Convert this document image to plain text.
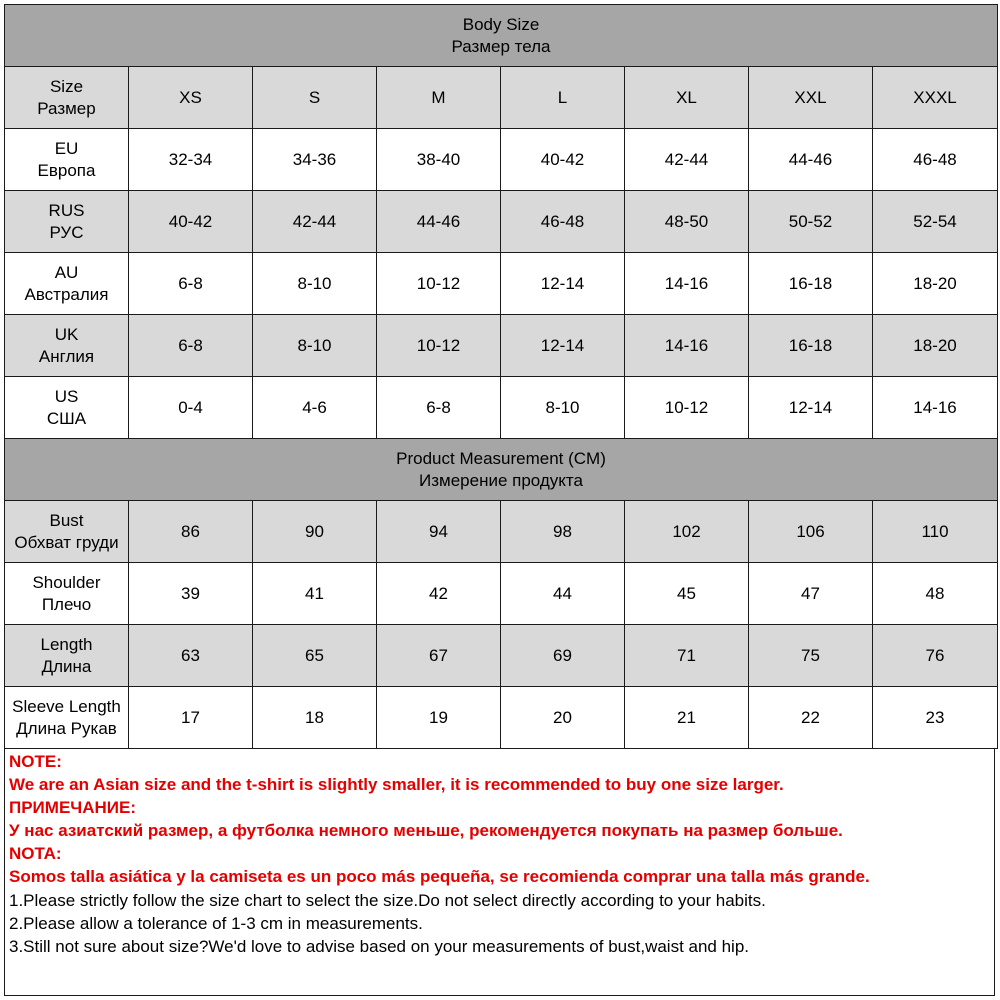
Body Size
Размер тела							

Size
Размер	XS	S	M	L	XL	XXL	XXXL

EU
Европа	32-34	34-36	38-40	40-42	42-44	44-46	46-48

RUS
РУС	40-42	42-44	44-46	46-48	48-50	50-52	52-54

AU
Австралия	6-8	8-10	10-12	12-14	14-16	16-18	18-20

UK
Англия	6-8	8-10	10-12	12-14	14-16	16-18	18-20

US
США	0-4	4-6	6-8	8-10	10-12	12-14	14-16

Product Measurement (CM)
Измерение продукта							

Bust
Обхват груди	86	90	94	98	102	106	110

Shoulder
Плечо	39	41	42	44	45	47	48

Length
Длина	63	65	67	69	71	75	76

Sleeve Length
Длина Рукав	17	18	19	20	21	22	23
NOTE:
We are an Asian size and the t-shirt is slightly smaller, it is recommended to buy one size larger.
ПРИМЕЧАНИЕ:
У нас азиатский размер, а футболка немного меньше, рекомендуется покупать на размер больше.
NOTA:
Somos talla asiática y la camiseta es un poco más pequeña, se recomienda comprar una talla más grande.
1.Please strictly follow the size chart to select the size.Do not select directly according to your habits.
2.Please allow a tolerance of 1-3 cm in measurements.
3.Still not sure about size?We'd love to advise based on your measurements of bust,waist and hip.
